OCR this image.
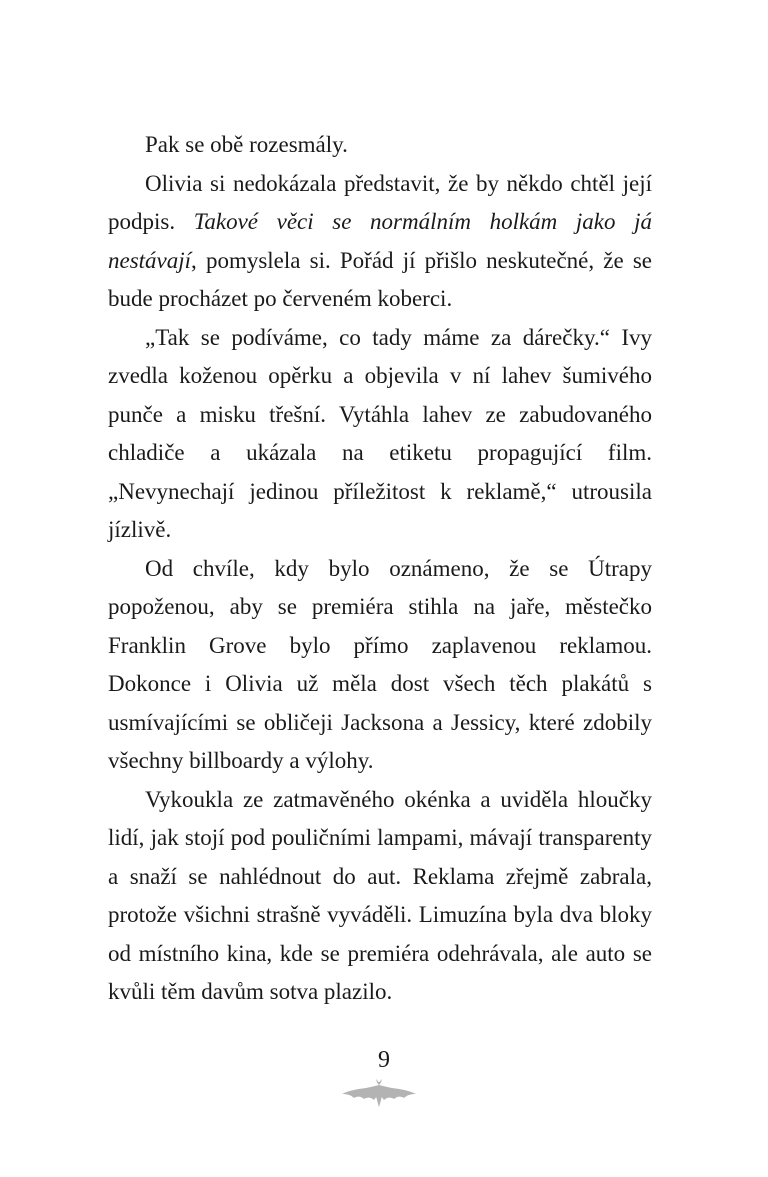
Pak se obě rozesmály.

Olivia si nedokázala představit, že by někdo chtěl její podpis. Takové věci se normálním holkám jako já nestávají, pomyslela si. Pořád jí přišlo neskutečné, že se bude procházet po červeném koberci.

„Tak se podíváme, co tady máme za dárečky.“ Ivy zvedla koženou opěrku a objevila v ní lahev šumivého punče a misku třešní. Vytáhla lahev ze zabudovaného chladiče a ukázala na etiketu propagující film. „Nevynechají jedinou příležitost k reklamě,“ utrousila jízlivě.

Od chvíle, kdy bylo oznámeno, že se Útrapy popoženou, aby se premiéra stihla na jaře, městečko Franklin Grove bylo přímo zaplavenou reklamou. Dokonce i Olivia už měla dost všech těch plakátů s usmívajícími se obličeji Jacksona a Jessicy, které zdobily všechny billboardy a výlohy.

Vykoukla ze zatmavěného okénka a uviděla hloučky lidí, jak stojí pod pouličními lampami, mávají transparenty a snaží se nahlédnout do aut. Reklama zřejmě zabrala, protože všichni strašně vyváděli. Limuzína byla dva bloky od místního kina, kde se premiéra odehrávala, ale auto se kvůli těm davům sotva plazilo.

9
